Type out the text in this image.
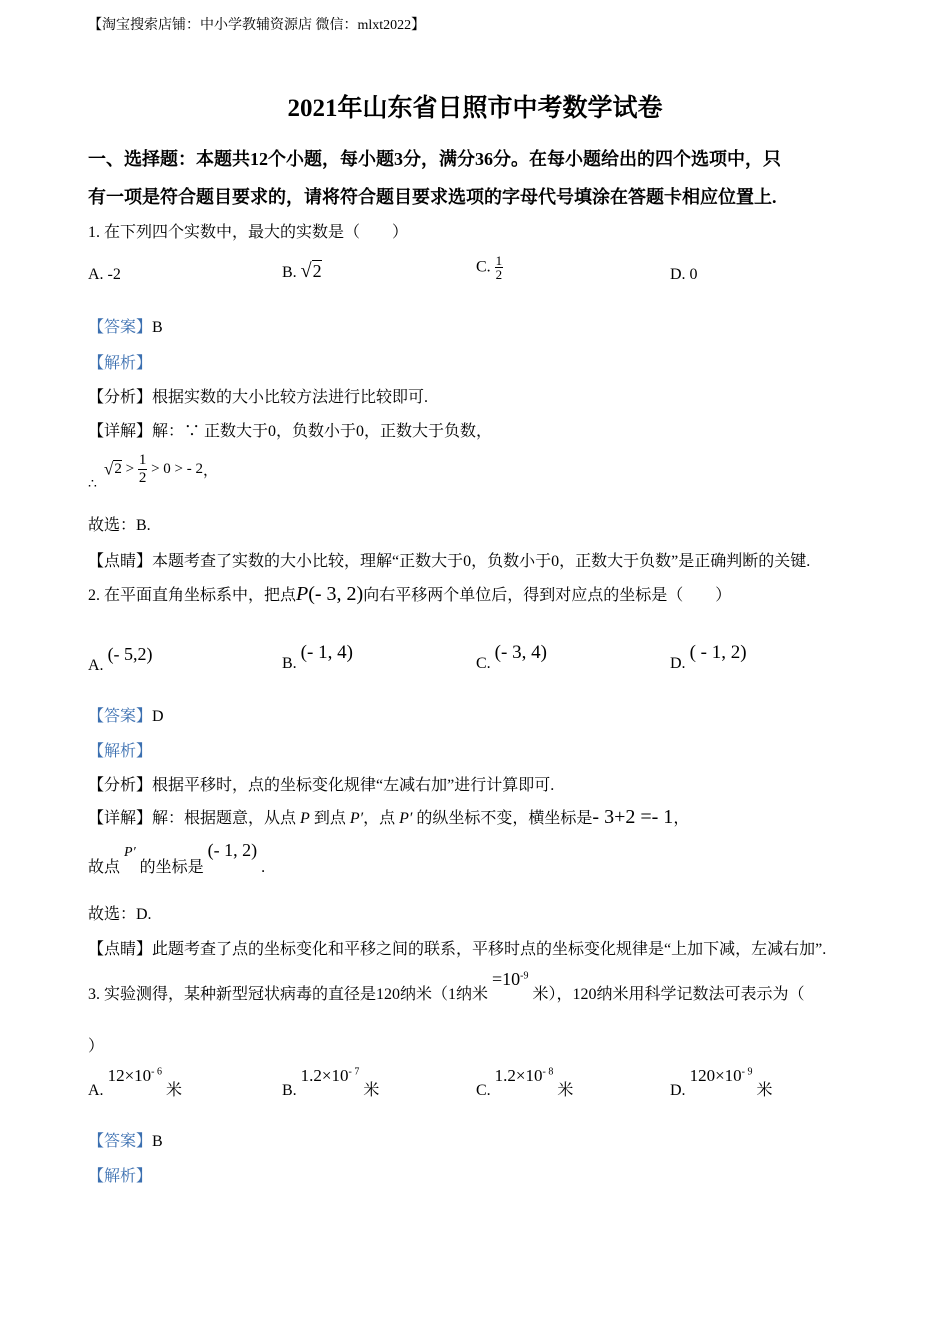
【淘宝搜索店铺：中小学教辅资源店 微信：mlxt2022】
2021年山东省日照市中考数学试卷
一、选择题：本题共12个小题，每小题3分，满分36分。在每小题给出的四个选项中，只
有一项是符合题目要求的，请将符合题目要求选项的字母代号填涂在答题卡相应位置上.
1. 在下列四个实数中，最大的实数是（　　）
A. -2	B. √2	C. $\frac{1}{2}$	D. 0
【答案】B
【解析】
【分析】根据实数的大小比较方法进行比较即可.
【详解】解：∵ 正数大于0，负数小于0，正数大于负数，
∴
$√2 > \frac{1}{2} > 0$ > - 2，
故选：B.
【点睛】本题考查了实数的大小比较，理解“正数大于0，负数小于0，正数大于负数”是正确判断的关键.
2. 在平面直角坐标系中，把点P(- 3, 2)向右平移两个单位后，得到对应点的坐标是（　　）
A. (- 5,2)	B. (- 1, 4)
C. (- 3, 4)
D. ( - 1, 2)
【答案】D
【解析】
【分析】根据平移时，点的坐标变化规律“左减右加”进行计算即可.
【详解】解：根据题意，从点 P 到点 P′，点 P′ 的纵坐标不变，横坐标是- 3+2 =- 1，
故点 P′ 的坐标是 (- 1, 2) .
故选：D.
【点睛】此题考查了点的坐标变化和平移之间的联系，平移时点的坐标变化规律是“上加下减，左减右加”.
3. 实验测得，某种新型冠状病毒的直径是120纳米（1纳米 $=10^{-9}$ 米），120纳米用科学记数法可表示为（
）
A. $12\times 10^{- 6}$ 米	B. $1.2\times 10^{- 7}$ 米	C. $1.2\times 10^{- 8}$ 米	D. $120\times 10^{- 9}$ 米
【答案】B
【解析】
